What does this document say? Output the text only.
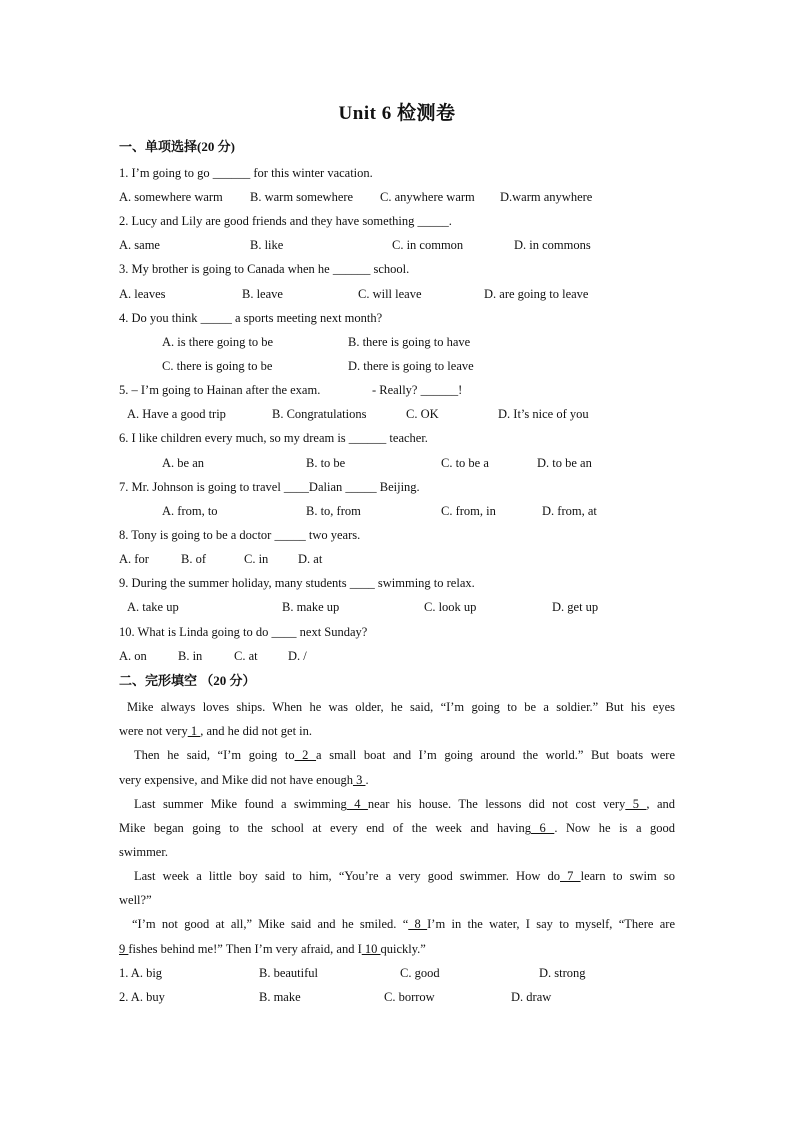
Unit 6 检测卷
一、单项选择(20 分)
1. I’m going to go ______ for this winter vacation.
A. somewhere warm B. warm somewhere C. anywhere warm D.warm anywhere
2. Lucy and Lily are good friends and they have something _____.
A. same	B. like	C. in common	D. in commons
3. My brother is going to Canada when he ______ school.
A. leaves	B. leave	C. will leave	D. are going to leave
4. Do you think _____ a sports meeting next month?
A. is there going to be	B. there is going to have
C. there is going to be	D. there is going to leave
5. – I’m going to Hainan after the exam.	- Really? ______!
A. Have a good trip	B. Congratulations	C. OK	D. It’s nice of you
6. I like children every much, so my dream is ______ teacher.
A. be an	B. to be	C. to be a	D. to be an
7. Mr. Johnson is going to travel ____Dalian _____ Beijing.
A. from, to	B. to, from	C. from, in	D. from, at
8. Tony is going to be a doctor _____ two years.
A. for	B. of	C. in D. at
9. During the summer holiday, many students ____ swimming to relax.
A. take up	B. make up	C. look up	D. get up
10. What is Linda going to do ____ next Sunday?
A. on B. in	C. at D. /
二、完形填空 （20 分）
Mike always loves ships. When he was older, he said, “I’m going to be a soldier.” But his eyes
were not very 1 , and he did not get in.
Then he said, “I’m going to 2 a small boat and I’m going around the world.” But boats were
very expensive, and Mike did not have enough 3 .
Last summer Mike found a swimming 4 near his house. The lessons did not cost very 5 , and
Mike began going to the school at every end of the week and having 6 . Now he is a good
swimmer.
Last week a little boy said to him, “You’re a very good swimmer. How do 7 learn to swim so
well?”
“I’m not good at all,” Mike said and he smiled. “ 8 I’m in the water, I say to myself, “There are
9 fishes behind me!” Then I’m very afraid, and I 10 quickly.”
1. A. big	B. beautiful	C. good	D. strong
2. A. buy	B. make	C. borrow	D. draw
